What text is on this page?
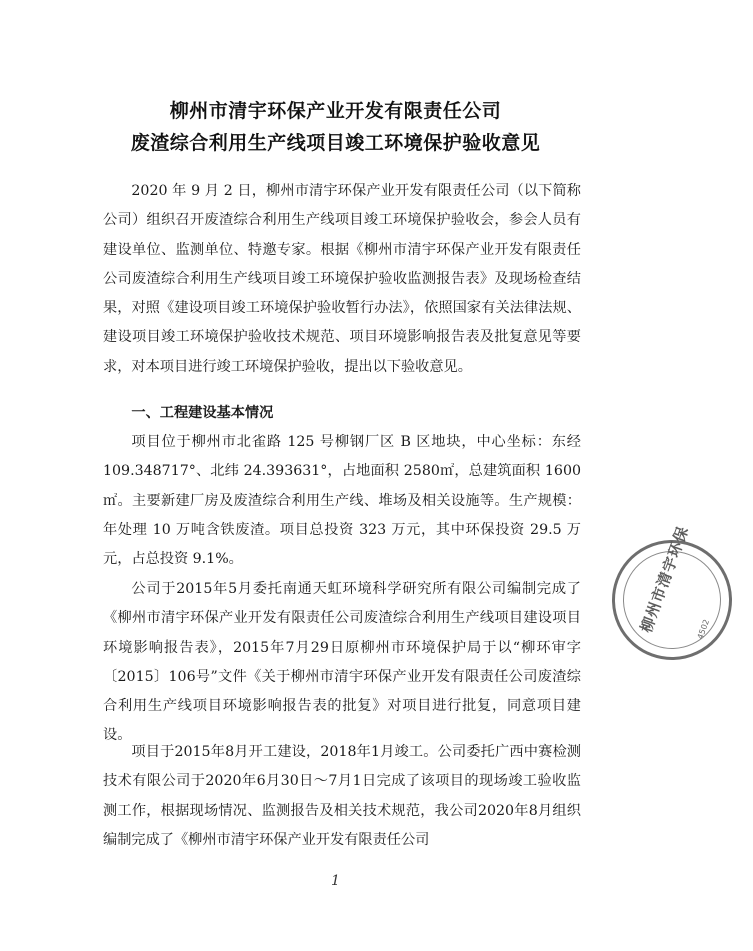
柳州市清宇环保产业开发有限责任公司
废渣综合利用生产线项目竣工环境保护验收意见

2020 年 9 月 2 日，柳州市清宇环保产业开发有限责任公司（以下简称公司）组织召开废渣综合利用生产线项目竣工环境保护验收会，参会人员有建设单位、监测单位、特邀专家。根据《柳州市清宇环保产业开发有限责任公司废渣综合利用生产线项目竣工环境保护验收监测报告表》及现场检查结果，对照《建设项目竣工环境保护验收暂行办法》，依照国家有关法律法规、建设项目竣工环境保护验收技术规范、项目环境影响报告表及批复意见等要求，对本项目进行竣工环境保护验收，提出以下验收意见。

一、工程建设基本情况

项目位于柳州市北雀路 125 号柳钢厂区 B 区地块，中心坐标：东经 109.348717°、北纬 24.393631°，占地面积 2580㎡，总建筑面积 1600㎡。主要新建厂房及废渣综合利用生产线、堆场及相关设施等。生产规模：年处理 10 万吨含铁废渣。项目总投资 323 万元，其中环保投资 29.5 万元，占总投资 9.1%。

公司于2015年5月委托南通天虹环境科学研究所有限公司编制完成了《柳州市清宇环保产业开发有限责任公司废渣综合利用生产线项目建设项目环境影响报告表》，2015年7月29日原柳州市环境保护局于以“柳环审字〔2015〕106号”文件《关于柳州市清宇环保产业开发有限责任公司废渣综合利用生产线项目环境影响报告表的批复》对项目进行批复，同意项目建设。

项目于2015年8月开工建设，2018年1月竣工。公司委托广西中赛检测技术有限公司于2020年6月30日～7月1日完成了该项目的现场竣工验收监测工作，根据现场情况、监测报告及相关技术规范，我公司2020年8月组织编制完成了《柳州市清宇环保产业开发有限责任公司

1
柳州市清宇环保 4502
